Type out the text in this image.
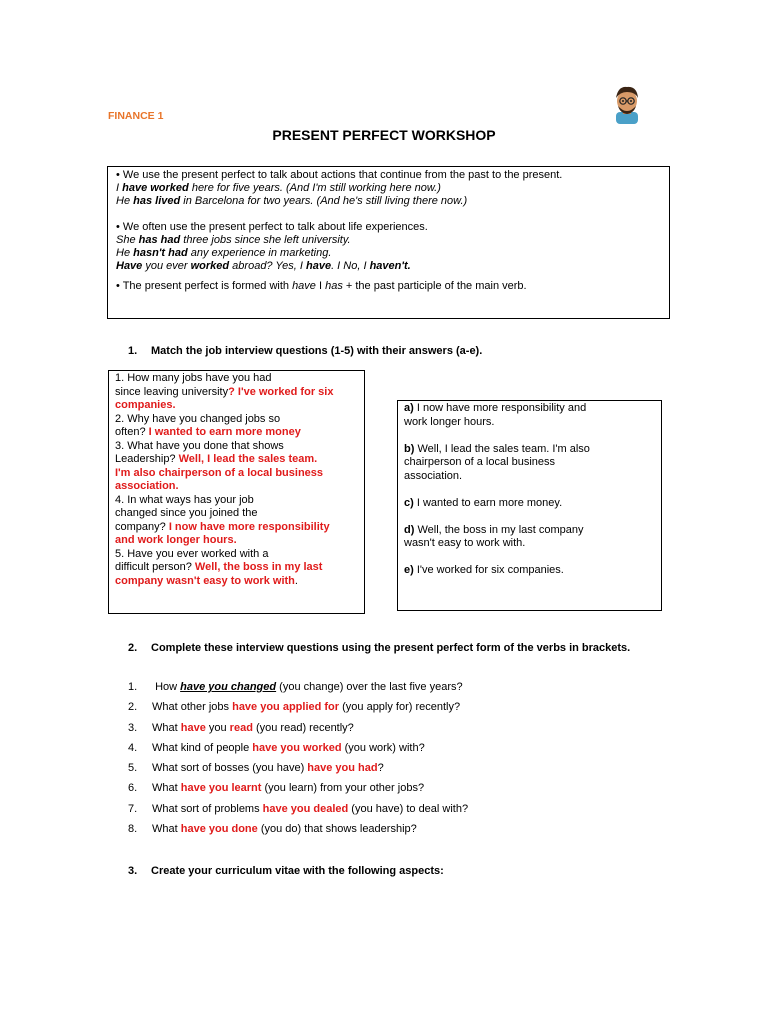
FINANCE 1
PRESENT PERFECT WORKSHOP
• We use the present perfect to talk about actions that continue from the past to the present.
I have worked here for five years. (And I'm still working here now.)
He has lived in Barcelona for two years. (And he's still living there now.)
• We often use the present perfect to talk about life experiences.
She has had three jobs since she left university.
He hasn't had any experience in marketing.
Have you ever worked abroad? Yes, I have. I No, I haven't.
• The present perfect is formed with have I has + the past participle of the main verb.
1. Match the job interview questions (1-5) with their answers (a-e).
1. How many jobs have you had
since leaving university? I've worked for six
companies.
2. Why have you changed jobs so
often? I wanted to earn more money
3. What have you done that shows
Leadership? Well, I lead the sales team.
I'm also chairperson of a local business
association.
4. In what ways has your job
changed since you joined the
company? I now have more responsibility
and work longer hours.
5. Have you ever worked with a
difficult person? Well, the boss in my last
company wasn't easy to work with.
a) I now have more responsibility and
work longer hours.
b) Well, I lead the sales team. I'm also
chairperson of a local business
association.
c) I wanted to earn more money.
d) Well, the boss in my last company
wasn't easy to work with.
e) I've worked for six companies.
2.	Complete these interview questions using the present perfect form of the verbs in brackets.
1. How have you changed (you change) over the last five years?
2. What other jobs have you applied for (you apply for) recently?
3. What have you read (you read) recently?
4. What kind of people have you worked (you work) with?
5. What sort of bosses (you have) have you had?
6. What have you learnt (you learn) from your other jobs?
7. What sort of problems have you dealed (you have) to deal with?
8. What have you done (you do) that shows leadership?
3. Create your curriculum vitae with the following aspects:
